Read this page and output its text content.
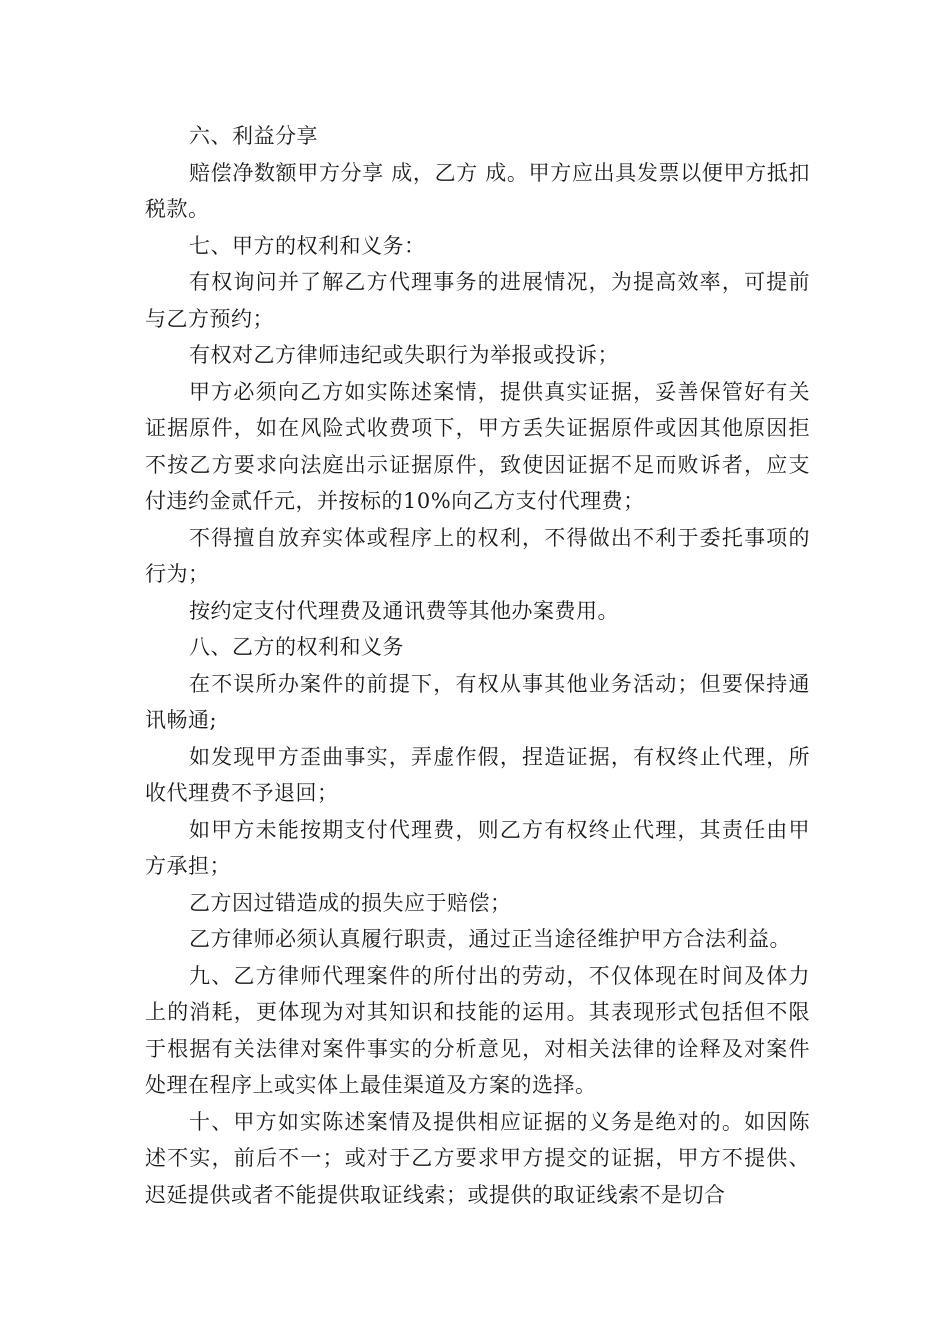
六、利益分享

赔偿净数额甲方分享 成，乙方 成。甲方应出具发票以便甲方抵扣税款。

七、甲方的权利和义务：

有权询问并了解乙方代理事务的进展情况，为提高效率，可提前与乙方预约；

有权对乙方律师违纪或失职行为举报或投诉；

甲方必须向乙方如实陈述案情，提供真实证据，妥善保管好有关证据原件，如在风险式收费项下，甲方丢失证据原件或因其他原因拒不按乙方要求向法庭出示证据原件，致使因证据不足而败诉者，应支付违约金贰仟元，并按标的10%向乙方支付代理费；

不得擅自放弃实体或程序上的权利，不得做出不利于委托事项的行为；

按约定支付代理费及通讯费等其他办案费用。

八、乙方的权利和义务

在不误所办案件的前提下，有权从事其他业务活动；但要保持通讯畅通;

如发现甲方歪曲事实，弄虚作假，捏造证据，有权终止代理，所收代理费不予退回；

如甲方未能按期支付代理费，则乙方有权终止代理，其责任由甲方承担；

乙方因过错造成的损失应于赔偿；

乙方律师必须认真履行职责，通过正当途径维护甲方合法利益。

九、乙方律师代理案件的所付出的劳动，不仅体现在时间及体力上的消耗，更体现为对其知识和技能的运用。其表现形式包括但不限于根据有关法律对案件事实的分析意见，对相关法律的诠释及对案件处理在程序上或实体上最佳渠道及方案的选择。

十、甲方如实陈述案情及提供相应证据的义务是绝对的。如因陈述不实，前后不一；或对于乙方要求甲方提交的证据，甲方不提供、迟延提供或者不能提供取证线索；或提供的取证线索不是切合
